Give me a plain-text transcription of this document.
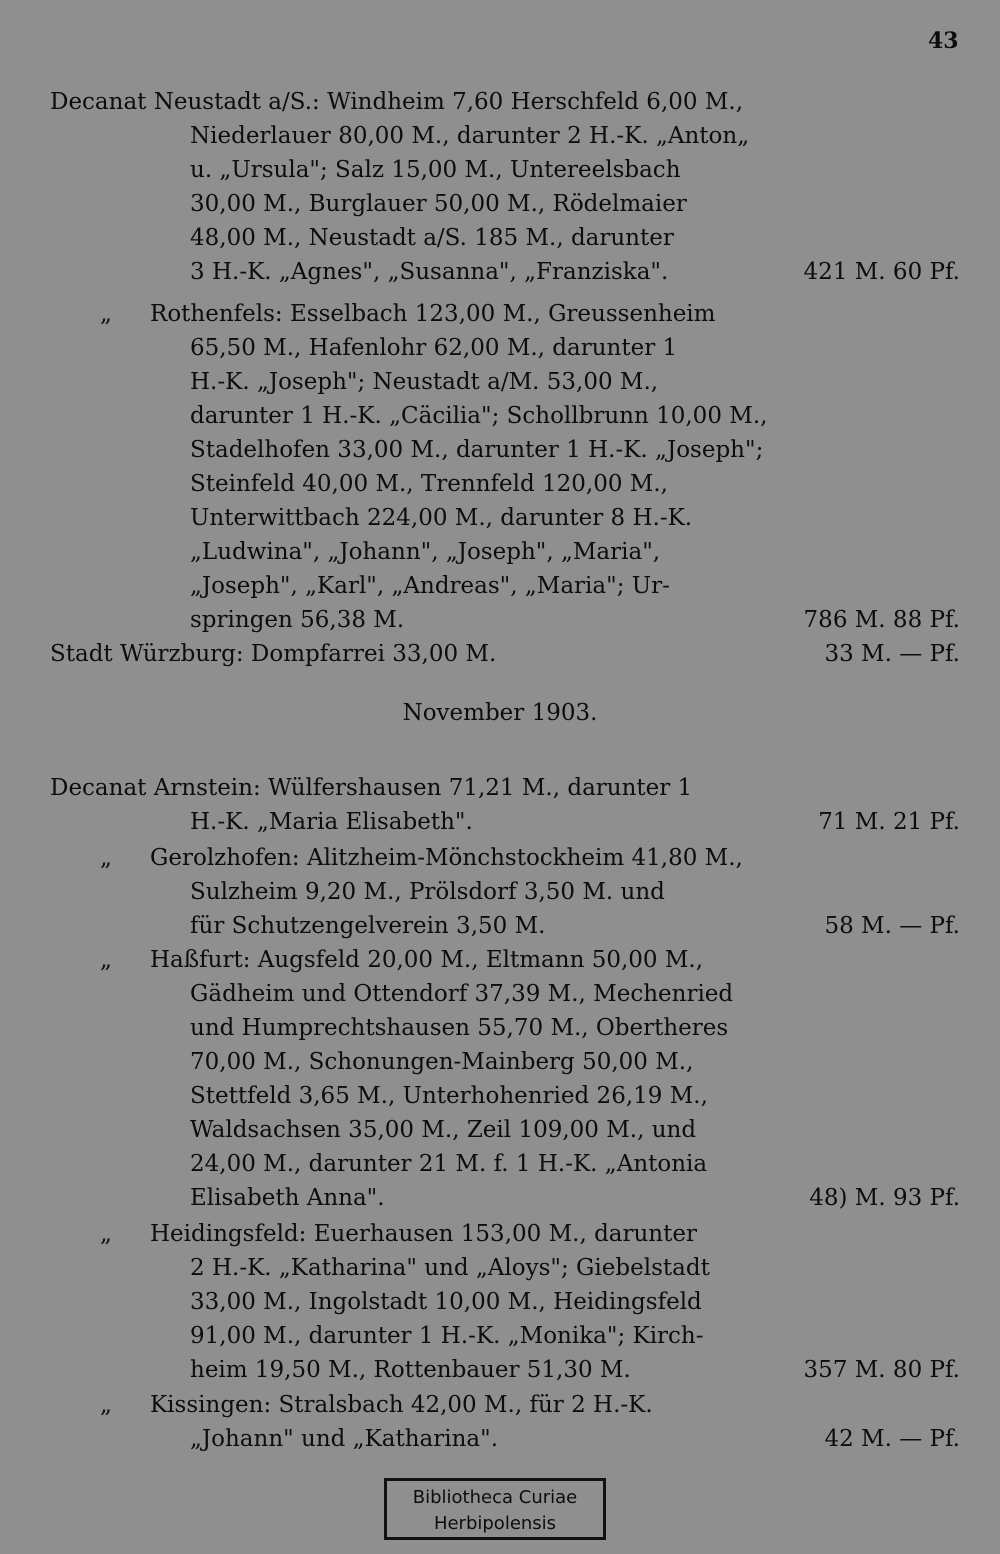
43
Decanat Neustadt a/S.: Windheim 7,60 Herschfeld 6,00 M.,
Niederlauer 80,00 M., darunter 2 H.-K. „Anton„
u. „Ursula"; Salz 15,00 M., Untereelsbach
30,00 M., Burglauer 50,00 M., Rödelmaier
48,00 M., Neustadt a/S. 185 M., darunter
3 H.-K. „Agnes", „Susanna", „Franziska".	421 M. 60 Pf.
„	Rothenfels: Esselbach 123,00 M., Greussenheim
65,50 M., Hafenlohr 62,00 M., darunter 1
H.-K. „Joseph"; Neustadt a/M. 53,00 M.,
darunter 1 H.-K. „Cäcilia"; Schollbrunn 10,00 M.,
Stadelhofen 33,00 M., darunter 1 H.-K. „Joseph";
Steinfeld 40,00 M., Trennfeld 120,00 M.,
Unterwittbach 224,00 M., darunter 8 H.-K.
„Ludwina", „Johann", „Joseph", „Maria",
„Joseph", „Karl", „Andreas", „Maria"; Ur-
springen 56,38 M.	786 M. 88 Pf.
Stadt Würzburg: Dompfarrei 33,00 M.	33 M. — Pf.
November 1903.
Decanat Arnstein: Wülfershausen 71,21 M., darunter 1
H.-K. „Maria Elisabeth".	71 M. 21 Pf.
„	Gerolzhofen: Alitzheim-Mönchstockheim 41,80 M.,
Sulzheim 9,20 M., Prölsdorf 3,50 M. und
für Schutzengelverein 3,50 M.	58 M. — Pf.
„	Haßfurt: Augsfeld 20,00 M., Eltmann 50,00 M.,
Gädheim und Ottendorf 37,39 M., Mechenried
und Humprechtshausen 55,70 M., Obertheres
70,00 M., Schonungen-Mainberg 50,00 M.,
Stettfeld 3,65 M., Unterhohenried 26,19 M.,
Waldsachsen 35,00 M., Zeil 109,00 M., und
24,00 M., darunter 21 M. f. 1 H.-K. „Antonia
Elisabeth Anna".	48) M. 93 Pf.
„	Heidingsfeld: Euerhausen 153,00 M., darunter
2 H.-K. „Katharina" und „Aloys"; Giebelstadt
33,00 M., Ingolstadt 10,00 M., Heidingsfeld
91,00 M., darunter 1 H.-K. „Monika"; Kirch-
heim 19,50 M., Rottenbauer 51,30 M.	357 M. 80 Pf.
„	Kissingen: Stralsbach 42,00 M., für 2 H.-K.
„Johann" und „Katharina".	42 M. — Pf.
Bibliotheca Curiae
Herbipolensis
